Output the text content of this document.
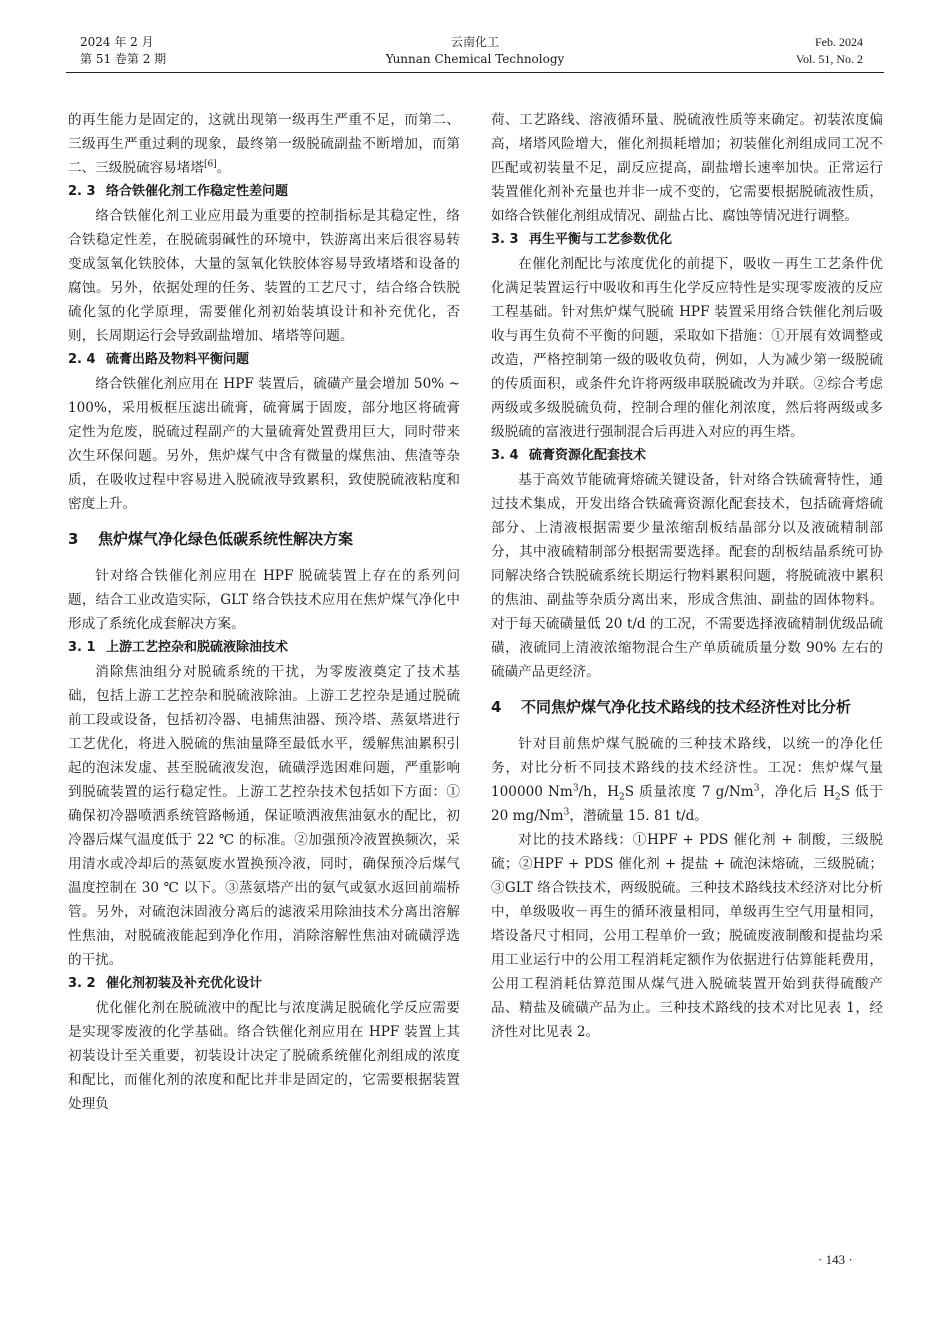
2024 年 2 月
第 51 卷第 2 期
云南化工
Yunnan Chemical Technology
Feb. 2024
Vol. 51, No. 2

的再生能力是固定的，这就出现第一级再生严重不足，而第二、三级再生严重过剩的现象，最终第一级脱硫副盐不断增加，而第二、三级脱硫容易堵塔[6]。

2. 3 络合铁催化剂工作稳定性差问题

络合铁催化剂工业应用最为重要的控制指标是其稳定性，络合铁稳定性差，在脱硫弱碱性的环境中，铁游离出来后很容易转变成氢氧化铁胶体，大量的氢氧化铁胶体容易导致堵塔和设备的腐蚀。另外，依据处理的任务、装置的工艺尺寸，结合络合铁脱硫化氢的化学原理，需要催化剂初始装填设计和补充优化，否则，长周期运行会导致副盐增加、堵塔等问题。

2. 4 硫膏出路及物料平衡问题

络合铁催化剂应用在 HPF 装置后，硫磺产量会增加 50% ~ 100%，采用板框压滤出硫膏，硫膏属于固废，部分地区将硫膏定性为危废，脱硫过程副产的大量硫膏处置费用巨大，同时带来次生环保问题。另外，焦炉煤气中含有微量的煤焦油、焦渣等杂质，在吸收过程中容易进入脱硫液导致累积，致使脱硫液粘度和密度上升。

3 焦炉煤气净化绿色低碳系统性解决方案

针对络合铁催化剂应用在 HPF 脱硫装置上存在的系列问题，结合工业改造实际，GLT 络合铁技术应用在焦炉煤气净化中形成了系统化成套解决方案。

3. 1 上游工艺控杂和脱硫液除油技术

消除焦油组分对脱硫系统的干扰，为零废液奠定了技术基础，包括上游工艺控杂和脱硫液除油。上游工艺控杂是通过脱硫前工段或设备，包括初冷器、电捕焦油器、预冷塔、蒸氨塔进行工艺优化，将进入脱硫的焦油量降至最低水平，缓解焦油累积引起的泡沫发虚、甚至脱硫液发泡，硫磺浮选困难问题，严重影响到脱硫装置的运行稳定性。上游工艺控杂技术包括如下方面：①确保初冷器喷洒系统管路畅通，保证喷洒液焦油氨水的配比，初冷器后煤气温度低于 22 ℃ 的标准。②加强预冷液置换频次，采用清水或冷却后的蒸氨废水置换预冷液，同时，确保预冷后煤气温度控制在 30 ℃ 以下。③蒸氨塔产出的氨气或氨水返回前端桥管。另外，对硫泡沫固液分离后的滤液采用除油技术分离出溶解性焦油，对脱硫液能起到净化作用，消除溶解性焦油对硫磺浮选的干扰。

3. 2 催化剂初装及补充优化设计

优化催化剂在脱硫液中的配比与浓度满足脱硫化学反应需要是实现零废液的化学基础。络合铁催化剂应用在 HPF 装置上其初装设计至关重要，初装设计决定了脱硫系统催化剂组成的浓度和配比，而催化剂的浓度和配比并非是固定的，它需要根据装置处理负

荷、工艺路线、溶液循环量、脱硫液性质等来确定。初装浓度偏高，堵塔风险增大，催化剂损耗增加；初装催化剂组成同工况不匹配或初装量不足，副反应提高，副盐增长速率加快。正常运行装置催化剂补充量也并非一成不变的，它需要根据脱硫液性质，如络合铁催化剂组成情况、副盐占比、腐蚀等情况进行调整。

3. 3 再生平衡与工艺参数优化

在催化剂配比与浓度优化的前提下，吸收－再生工艺条件优化满足装置运行中吸收和再生化学反应特性是实现零废液的反应工程基础。针对焦炉煤气脱硫 HPF 装置采用络合铁催化剂后吸收与再生负荷不平衡的问题，采取如下措施：①开展有效调整或改造，严格控制第一级的吸收负荷，例如，人为减少第一级脱硫的传质面积，或条件允许将两级串联脱硫改为并联。②综合考虑两级或多级脱硫负荷，控制合理的催化剂浓度，然后将两级或多级脱硫的富液进行强制混合后再进入对应的再生塔。

3. 4 硫膏资源化配套技术

基于高效节能硫膏熔硫关键设备，针对络合铁硫膏特性，通过技术集成，开发出络合铁硫膏资源化配套技术，包括硫膏熔硫部分、上清液根据需要少量浓缩刮板结晶部分以及液硫精制部分，其中液硫精制部分根据需要选择。配套的刮板结晶系统可协同解决络合铁脱硫系统长期运行物料累积问题，将脱硫液中累积的焦油、副盐等杂质分离出来，形成含焦油、副盐的固体物料。对于每天硫磺量低 20 t/d 的工况，不需要选择液硫精制优级品硫磺，液硫同上清液浓缩物混合生产单质硫质量分数 90% 左右的硫磺产品更经济。

4 不同焦炉煤气净化技术路线的技术经济性对比分析

针对目前焦炉煤气脱硫的三种技术路线，以统一的净化任务，对比分析不同技术路线的技术经济性。工况：焦炉煤气量 100000 Nm$^3$/h，$H_2S$ 质量浓度 7 g/Nm$^3$，净化后 $H_2S$ 低于 20 mg/Nm$^3$，潜硫量 15. 81 t/d。

对比的技术路线：①HPF + PDS 催化剂 + 制酸，三级脱硫；②HPF + PDS 催化剂 + 提盐 + 硫泡沫熔硫，三级脱硫；③GLT 络合铁技术，两级脱硫。三种技术路线技术经济对比分析中，单级吸收－再生的循环液量相同，单级再生空气用量相同，塔设备尺寸相同，公用工程单价一致；脱硫废液制酸和提盐均采用工业运行中的公用工程消耗定额作为依据进行估算能耗费用，公用工程消耗估算范围从煤气进入脱硫装置开始到获得硫酸产品、精盐及硫磺产品为止。三种技术路线的技术对比见表 1，经济性对比见表 2。

· 143 ·
